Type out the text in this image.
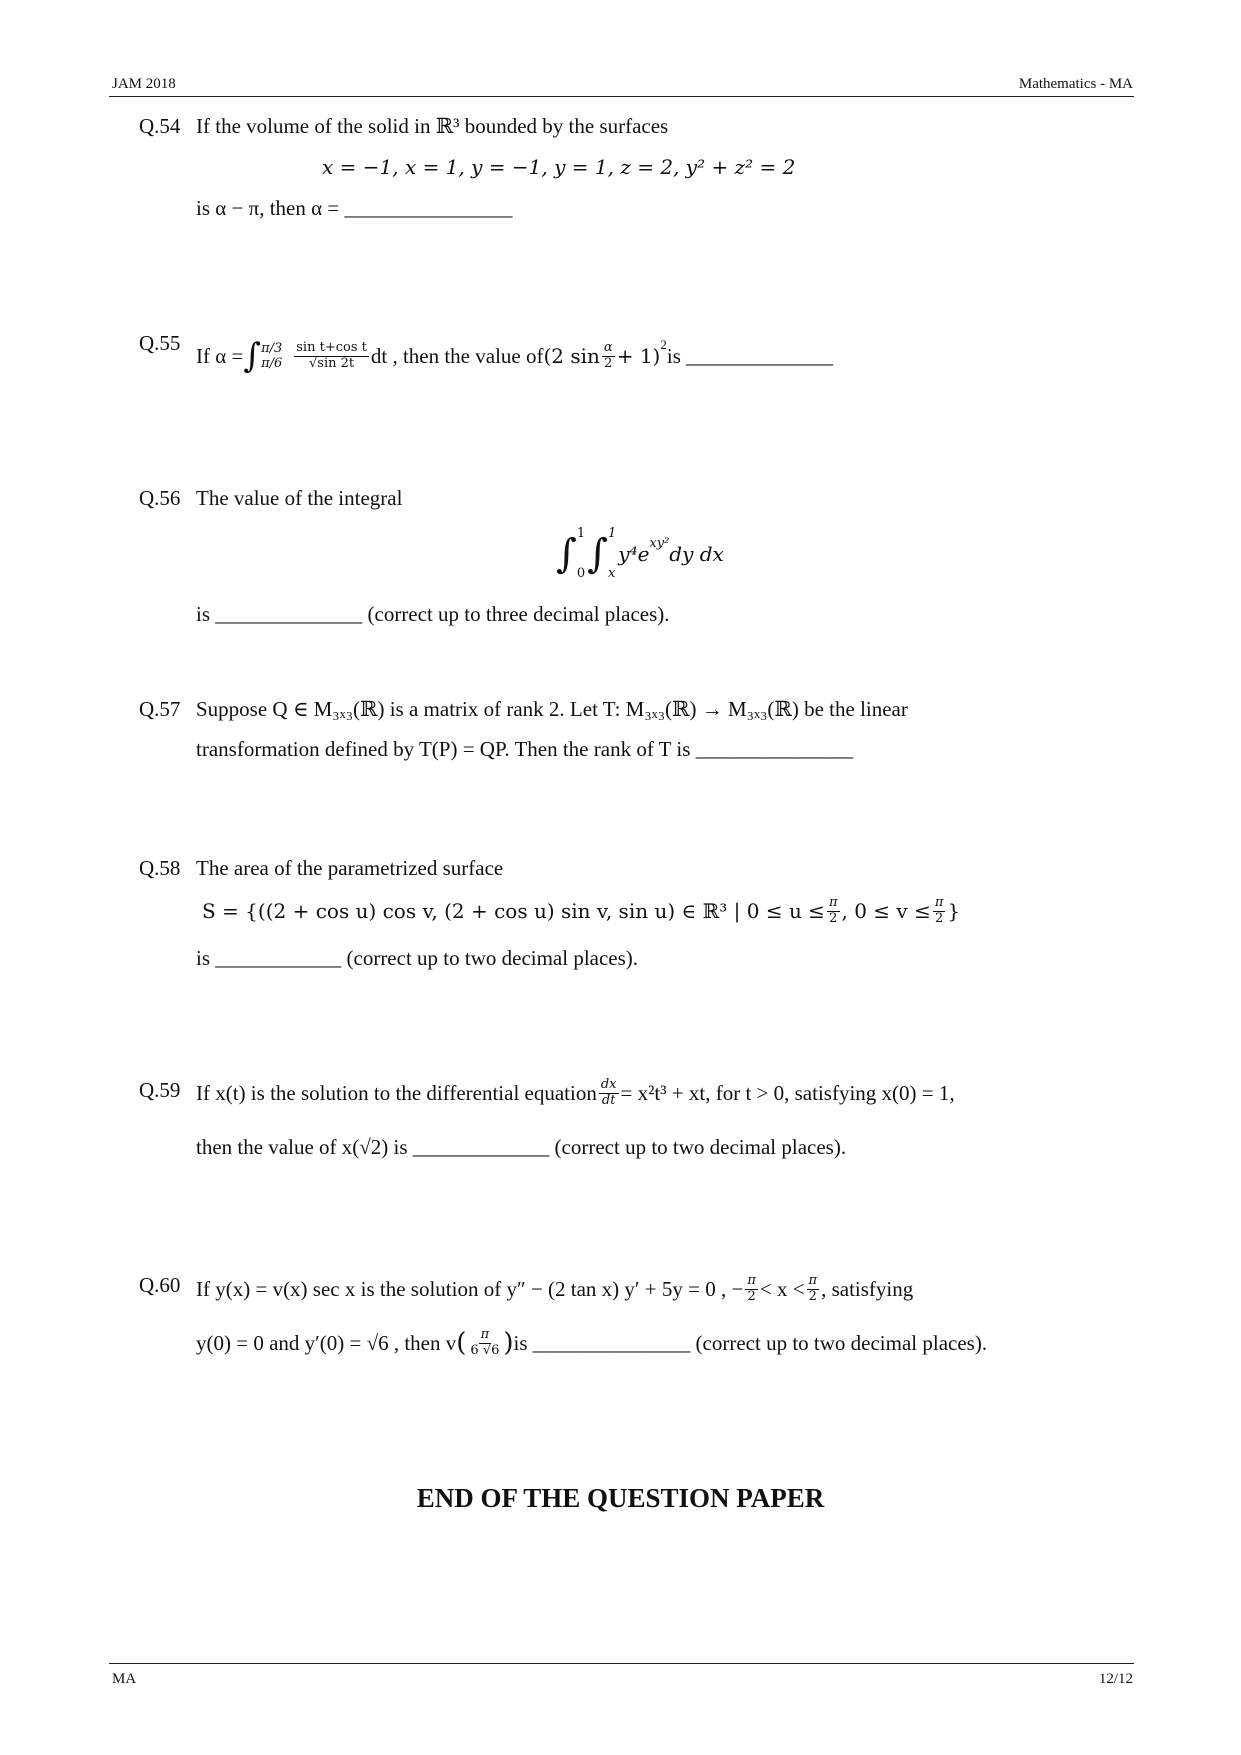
JAM 2018	Mathematics - MA
Q.54 If the volume of the solid in ℝ³ bounded by the surfaces
x = −1, x = 1, y = −1, y = 1, z = 2, y² + z² = 2
is α − π, then α = ________________
Q.55
If α = ∫ π/3
$\pi/6 \frac{\text{sin t+cos t}}{√\sin 2t}$ dt , then the value of (2 $\sin \frac{\alpha}{2} + 1$)
2 is ______________
Q.56 The value of the integral
∫ 1
0 ∫ 1
x
y⁴e xy² dy dx
is ______________ (correct up to three decimal places).
Q.57 Suppose Q ∈ M₃ₓ₃(ℝ) is a matrix of rank 2. Let T: M₃ₓ₃(ℝ) → M₃ₓ₃(ℝ) be the linear
transformation defined by T(P) = QP. Then the rank of T is _______________
Q.58 The area of the parametrized surface
S = {((2 + cos u) cos v, (2 + cos u) sin v, sin u) ∈ ℝ³ | $0 \le u \le \frac{\pi}{2}$ , $0 \le v \le \frac{\pi}{2}$ }
is ____________ (correct up to two decimal places).
Q.59 If x(t) is the solution to the differential equation $\frac{dx}{dt} = x^2t^3$ + xt, for t > 0, satisfying x(0) = 1,
then the value of x(√2) is _____________ (correct up to two decimal places).
Q.60 If y(x) = v(x) sec x is the solution of y″ − (2 tan x) y′ + 5y = 0 , − $\frac{\pi}{2} < x < \frac{\pi}{2}$ , satisfying
y(0) = 0 and y′(0) = √6 , then v ( $\frac{\pi}{6 √6}$ ) is _______________ (correct up to two decimal places).
END OF THE QUESTION PAPER
MA	12/12
